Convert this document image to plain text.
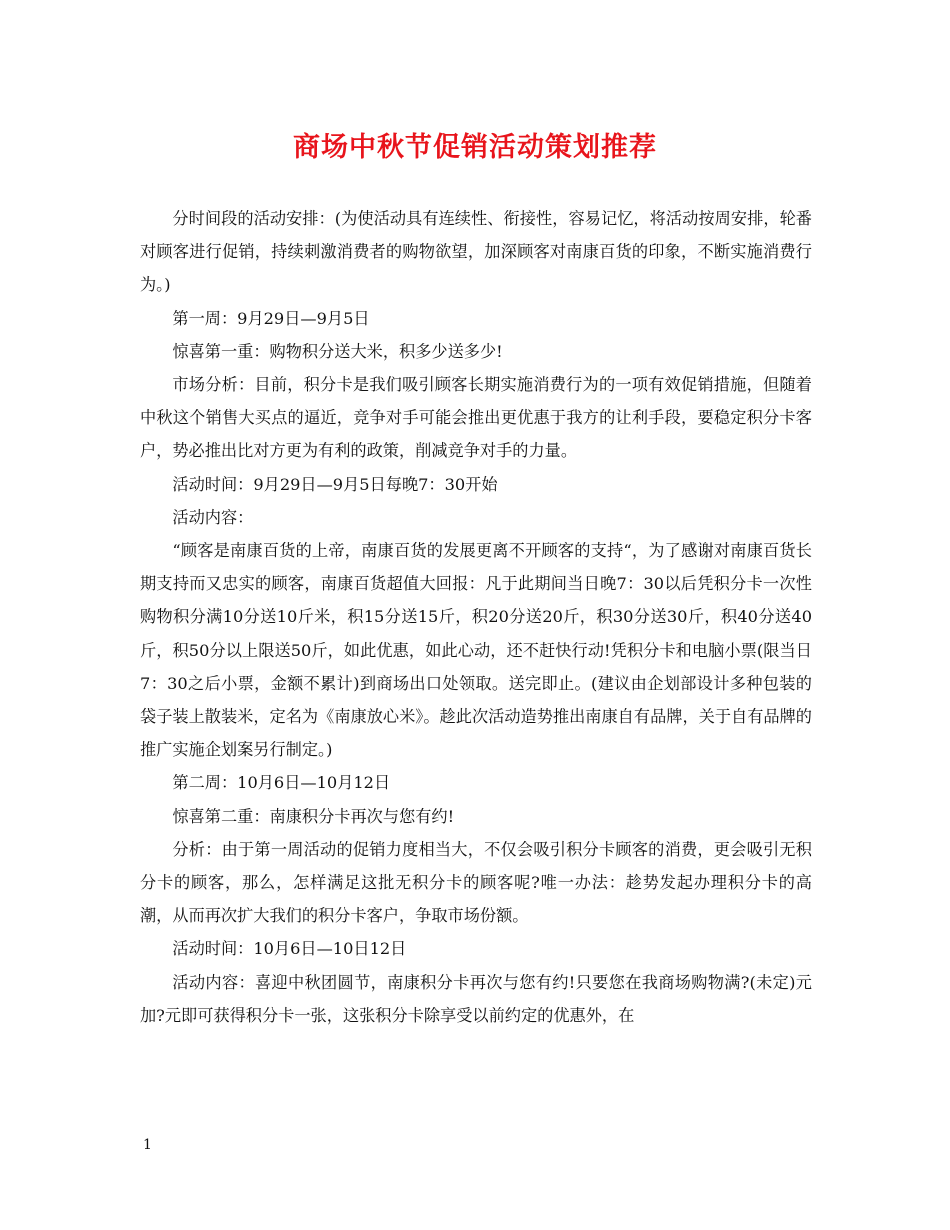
商场中秋节促销活动策划推荐

分时间段的活动安排：(为使活动具有连续性、衔接性，容易记忆，将活动按周安排，轮番对顾客进行促销，持续刺激消费者的购物欲望，加深顾客对南康百货的印象，不断实施消费行为。)

第一周：9月29日—9月5日

惊喜第一重：购物积分送大米，积多少送多少!

市场分析：目前，积分卡是我们吸引顾客长期实施消费行为的一项有效促销措施，但随着中秋这个销售大买点的逼近，竞争对手可能会推出更优惠于我方的让利手段，要稳定积分卡客户，势必推出比对方更为有利的政策，削减竞争对手的力量。

活动时间：9月29日—9月5日每晚7：30开始

活动内容：

“顾客是南康百货的上帝，南康百货的发展更离不开顾客的支持“，为了感谢对南康百货长期支持而又忠实的顾客，南康百货超值大回报：凡于此期间当日晚7：30以后凭积分卡一次性购物积分满10分送10斤米，积15分送15斤，积20分送20斤，积30分送30斤，积40分送40斤，积50分以上限送50斤，如此优惠，如此心动，还不赶快行动!凭积分卡和电脑小票(限当日7：30之后小票，金额不累计)到商场出口处领取。送完即止。(建议由企划部设计多种包装的袋子装上散装米，定名为《南康放心米》。趁此次活动造势推出南康自有品牌，关于自有品牌的推广实施企划案另行制定。)

第二周：10月6日—10月12日

惊喜第二重：南康积分卡再次与您有约!

分析：由于第一周活动的促销力度相当大，不仅会吸引积分卡顾客的消费，更会吸引无积分卡的顾客，那么，怎样满足这批无积分卡的顾客呢?唯一办法：趁势发起办理积分卡的高潮，从而再次扩大我们的积分卡客户，争取市场份额。

活动时间：10月6日—10日12日

活动内容：喜迎中秋团圆节，南康积分卡再次与您有约!只要您在我商场购物满?(未定)元加?元即可获得积分卡一张，这张积分卡除享受以前约定的优惠外，在

1
